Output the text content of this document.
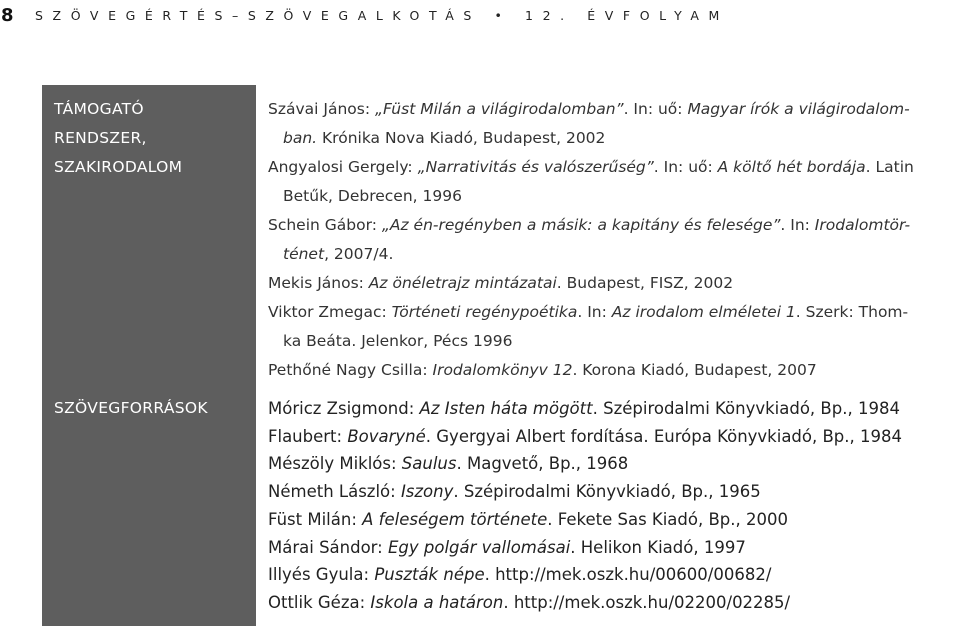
8	SZÖVEGÉRTÉS–SZÖVEGALKOTÁS • 12. ÉVFOLYAM
TÁMOGATÓ
RENDSZER,
SZAKIRODALOM
SZÖVEGFORRÁSOK
Szávai János: „Füst Milán a világirodalomban”. In: uő: Magyar írók a világirodalom-
ban. Krónika Nova Kiadó, Budapest, 2002
Angyalosi Gergely: „Narrativitás és valószerűség”. In: uő: A költő hét bordája. Latin
Betűk, Debrecen, 1996
Schein Gábor: „Az én-regényben a másik: a kapitány és felesége”. In: Irodalomtör-
ténet, 2007/4.
Mekis János: Az önéletrajz mintázatai. Budapest, FISZ, 2002
Viktor Zmegac: Történeti regénypoétika. In: Az irodalom elméletei 1. Szerk: Thom-
ka Beáta. Jelenkor, Pécs 1996
Pethőné Nagy Csilla: Irodalomkönyv 12. Korona Kiadó, Budapest, 2007
Móricz Zsigmond: Az Isten háta mögött. Szépirodalmi Könyvkiadó, Bp., 1984
Flaubert: Bovaryné. Gyergyai Albert fordítása. Európa Könyvkiadó, Bp., 1984
Mészöly Miklós: Saulus. Magvető, Bp., 1968
Németh László: Iszony. Szépirodalmi Könyvkiadó, Bp., 1965
Füst Milán: A feleségem története. Fekete Sas Kiadó, Bp., 2000
Márai Sándor: Egy polgár vallomásai. Helikon Kiadó, 1997
Illyés Gyula: Puszták népe. http://mek.oszk.hu/00600/00682/
Ottlik Géza: Iskola a határon. http://mek.oszk.hu/02200/02285/
